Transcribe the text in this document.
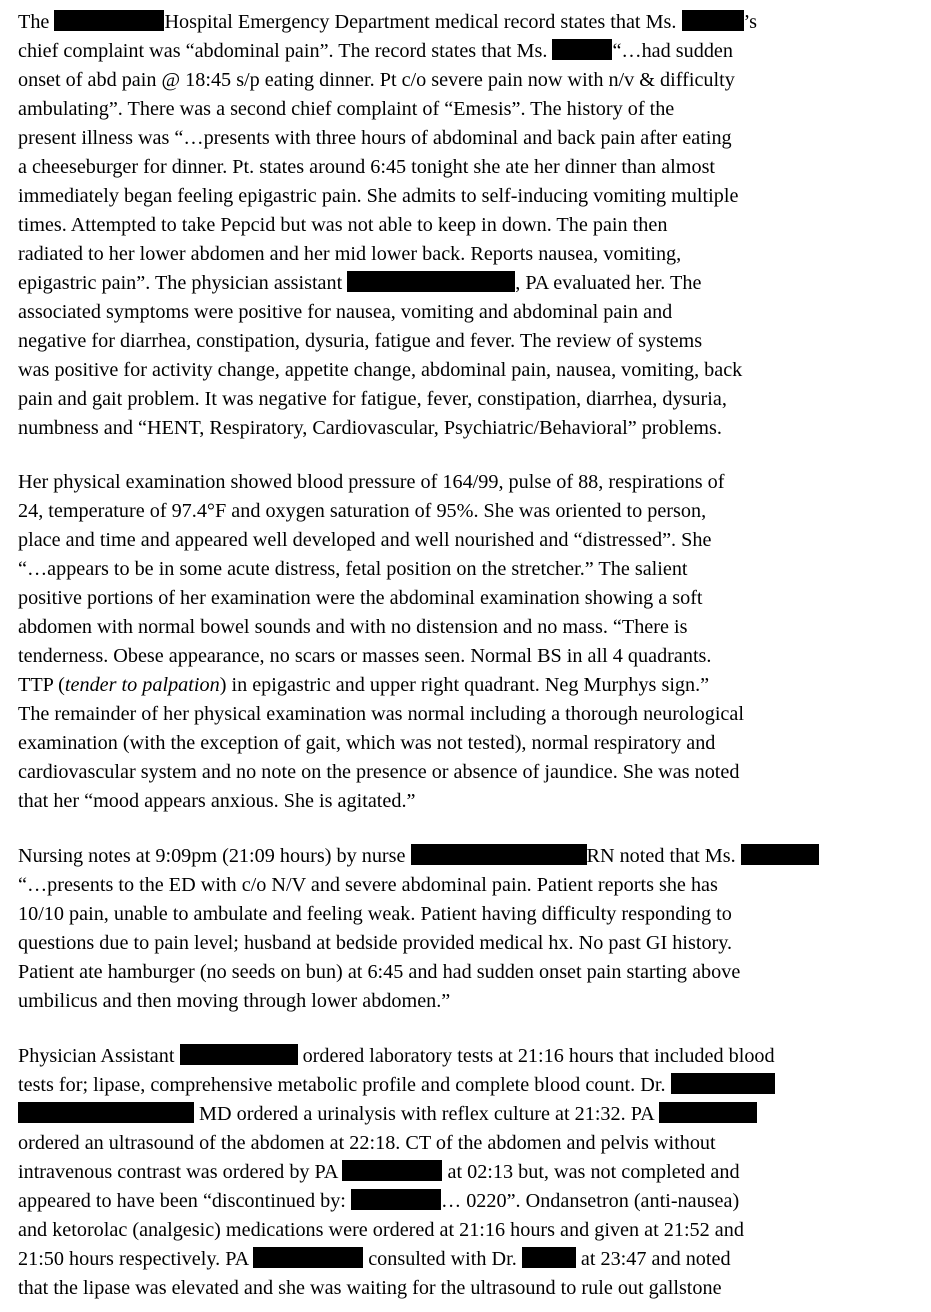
The	Hospital Emergency Department medical record states that Ms.	’s
chief complaint was “abdominal pain”. The record states that Ms.	“…had sudden
onset of abd pain @ 18:45 s/p eating dinner. Pt c/o severe pain now with n/v & difficulty
ambulating”. There was a second chief complaint of “Emesis”. The history of the
present illness was “…presents with three hours of abdominal and back pain after eating
a cheeseburger for dinner. Pt. states around 6:45 tonight she ate her dinner than almost
immediately began feeling epigastric pain. She admits to self-inducing vomiting multiple
times. Attempted to take Pepcid but was not able to keep in down. The pain then
radiated to her lower abdomen and her mid lower back. Reports nausea, vomiting,
epigastric pain”. The physician assistant	, PA evaluated her. The
associated symptoms were positive for nausea, vomiting and abdominal pain and
negative for diarrhea, constipation, dysuria, fatigue and fever. The review of systems
was positive for activity change, appetite change, abdominal pain, nausea, vomiting, back
pain and gait problem. It was negative for fatigue, fever, constipation, diarrhea, dysuria,
numbness and “HENT, Respiratory, Cardiovascular, Psychiatric/Behavioral” problems.
Her physical examination showed blood pressure of 164/99, pulse of 88, respirations of
24, temperature of 97.4°F and oxygen saturation of 95%. She was oriented to person,
place and time and appeared well developed and well nourished and “distressed”. She
“…appears to be in some acute distress, fetal position on the stretcher.” The salient
positive portions of her examination were the abdominal examination showing a soft
abdomen with normal bowel sounds and with no distension and no mass. “There is
tenderness. Obese appearance, no scars or masses seen. Normal BS in all 4 quadrants.
TTP (tender to palpation) in epigastric and upper right quadrant. Neg Murphys sign.”
The remainder of her physical examination was normal including a thorough neurological
examination (with the exception of gait, which was not tested), normal respiratory and
cardiovascular system and no note on the presence or absence of jaundice. She was noted
that her “mood appears anxious. She is agitated.”
Nursing notes at 9:09pm (21:09 hours) by nurse	RN noted that Ms.
“…presents to the ED with c/o N/V and severe abdominal pain. Patient reports she has
10/10 pain, unable to ambulate and feeling weak. Patient having difficulty responding to
questions due to pain level; husband at bedside provided medical hx. No past GI history.
Patient ate hamburger (no seeds on bun) at 6:45 and had sudden onset pain starting above
umbilicus and then moving through lower abdomen.”
Physician Assistant	ordered laboratory tests at 21:16 hours that included blood
tests for; lipase, comprehensive metabolic profile and complete blood count. Dr.
MD ordered a urinalysis with reflex culture at 21:32. PA
ordered an ultrasound of the abdomen at 22:18. CT of the abdomen and pelvis without
intravenous contrast was ordered by PA	at 02:13 but, was not completed and
appeared to have been “discontinued by:	… 0220”. Ondansetron (anti-nausea)
and ketorolac (analgesic) medications were ordered at 21:16 hours and given at 21:52 and
21:50 hours respectively. PA	consulted with Dr.	at 23:47 and noted
that the lipase was elevated and she was waiting for the ultrasound to rule out gallstone
